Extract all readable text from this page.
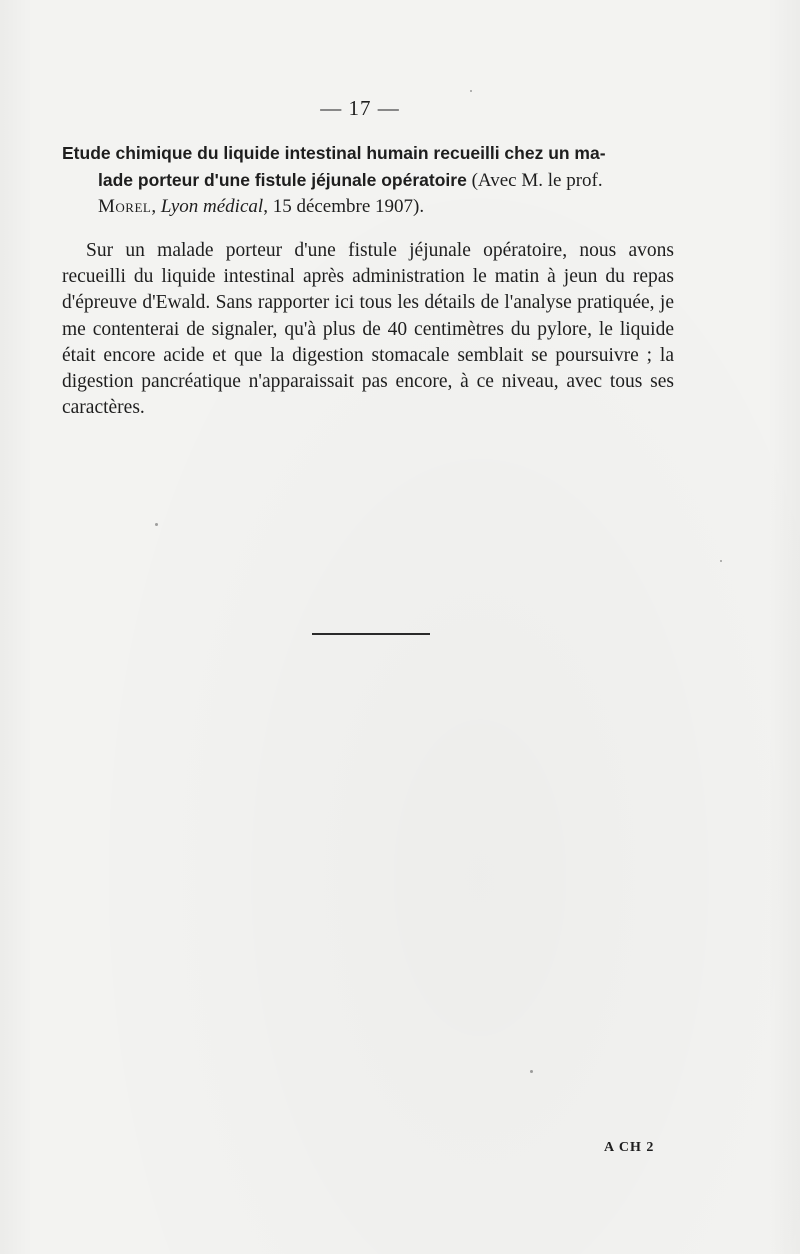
— 17 —
Etude chimique du liquide intestinal humain recueilli chez un ma-
lade porteur d'une fistule jéjunale opératoire (Avec M. le prof.
Morel, Lyon médical, 15 décembre 1907).
Sur un malade porteur d'une fistule jéjunale opératoire, nous avons recueilli du liquide intestinal après administration le matin à jeun du repas d'épreuve d'Ewald. Sans rapporter ici tous les détails de l'analyse pratiquée, je me contenterai de signaler, qu'à plus de 40 centimètres du pylore, le liquide était encore acide et que la digestion stomacale semblait se poursuivre ; la digestion pancréatique n'apparaissait pas encore, à ce niveau, avec tous ses caractères.
A CH 2
